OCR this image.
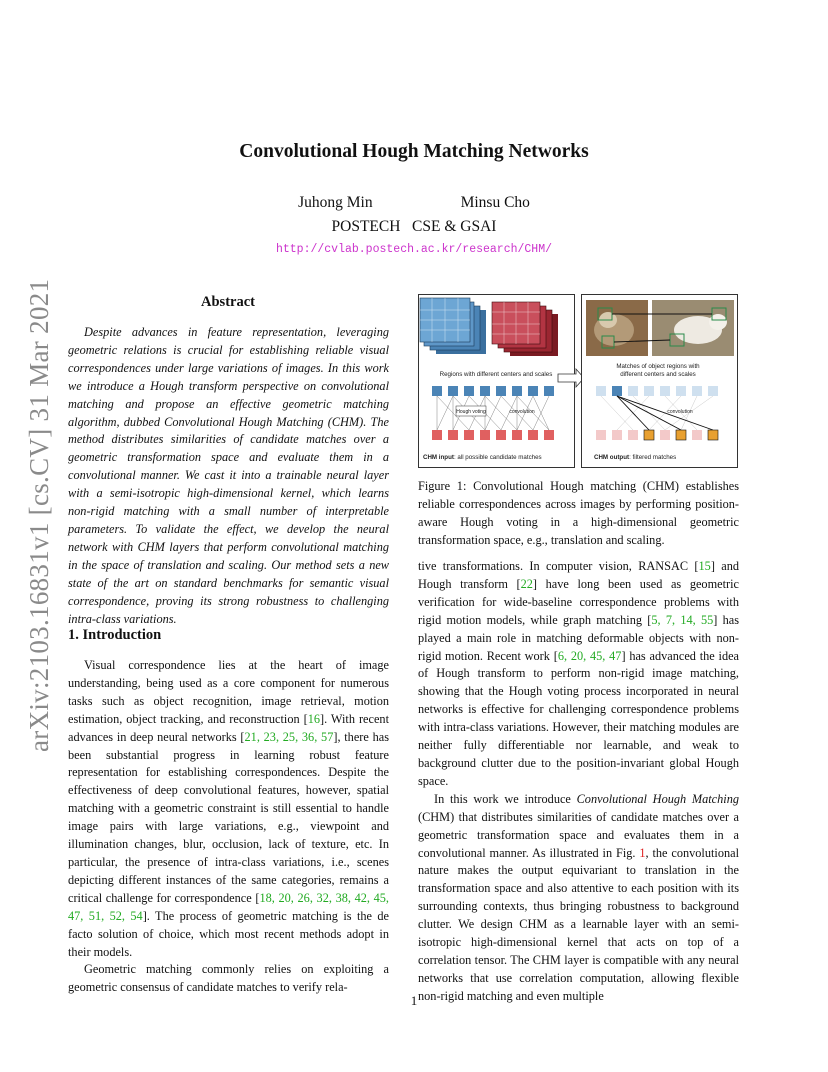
arXiv:2103.16831v1 [cs.CV] 31 Mar 2021
Convolutional Hough Matching Networks
Juhong Min	Minsu Cho
POSTECH   CSE & GSAI
http://cvlab.postech.ac.kr/research/CHM/
Abstract

Despite advances in feature representation, leveraging geometric relations is crucial for establishing reliable visual correspondences under large variations of images. In this work we introduce a Hough transform perspective on convolutional matching and propose an effective geometric matching algorithm, dubbed Convolutional Hough Matching (CHM). The method distributes similarities of candidate matches over a geometric transformation space and evaluate them in a convolutional manner. We cast it into a trainable neural layer with a semi-isotropic high-dimensional kernel, which learns non-rigid matching with a small number of interpretable parameters. To validate the effect, we develop the neural network with CHM layers that perform convolutional matching in the space of translation and scaling. Our method sets a new state of the art on standard benchmarks for semantic visual correspondence, proving its strong robustness to challenging intra-class variations.

1. Introduction

Visual correspondence lies at the heart of image understanding, being used as a core component for numerous tasks such as object recognition, image retrieval, motion estimation, object tracking, and reconstruction [16]. With recent advances in deep neural networks [21, 23, 25, 36, 57], there has been substantial progress in learning robust feature representation for establishing correspondences. Despite the effectiveness of deep convolutional features, however, spatial matching with a geometric constraint is still essential to handle image pairs with large variations, e.g., viewpoint and illumination changes, blur, occlusion, lack of texture, etc. In particular, the presence of intra-class variations, i.e., scenes depicting different instances of the same categories, remains a critical challenge for correspondence [18, 20, 26, 32, 38, 42, 45, 47, 51, 52, 54]. The process of geometric matching is the de facto solution of choice, which most recent methods adopt in their models.

Geometric matching commonly relies on exploiting a geometric consensus of candidate matches to verify rela-

Regions with different centers and scales
Hough voting	convolution
CHM input: all possible candidate matches
Matches of object regions with
different centers and scales
convolution
CHM output: filtered matches
Figure 1: Convolutional Hough matching (CHM) establishes reliable correspondences across images by performing position-aware Hough voting in a high-dimensional geometric transformation space, e.g., translation and scaling.

tive transformations. In computer vision, RANSAC [15] and Hough transform [22] have long been used as geometric verification for wide-baseline correspondence problems with rigid motion models, while graph matching [5, 7, 14, 55] has played a main role in matching deformable objects with non-rigid motion. Recent work [6, 20, 45, 47] has advanced the idea of Hough transform to perform non-rigid image matching, showing that the Hough voting process incorporated in neural networks is effective for challenging correspondence problems with intra-class variations. However, their matching modules are neither fully differentiable nor learnable, and weak to background clutter due to the position-invariant global Hough space.

In this work we introduce Convolutional Hough Matching (CHM) that distributes similarities of candidate matches over a geometric transformation space and evaluates them in a convolutional manner. As illustrated in Fig. 1, the convolutional nature makes the output equivariant to translation in the transformation space and also attentive to each position with its surrounding contexts, thus bringing robustness to background clutter. We design CHM as a learnable layer with an semi-isotropic high-dimensional kernel that acts on top of a correlation tensor. The CHM layer is compatible with any neural networks that use correlation computation, allowing flexible non-rigid matching and even multiple

1
